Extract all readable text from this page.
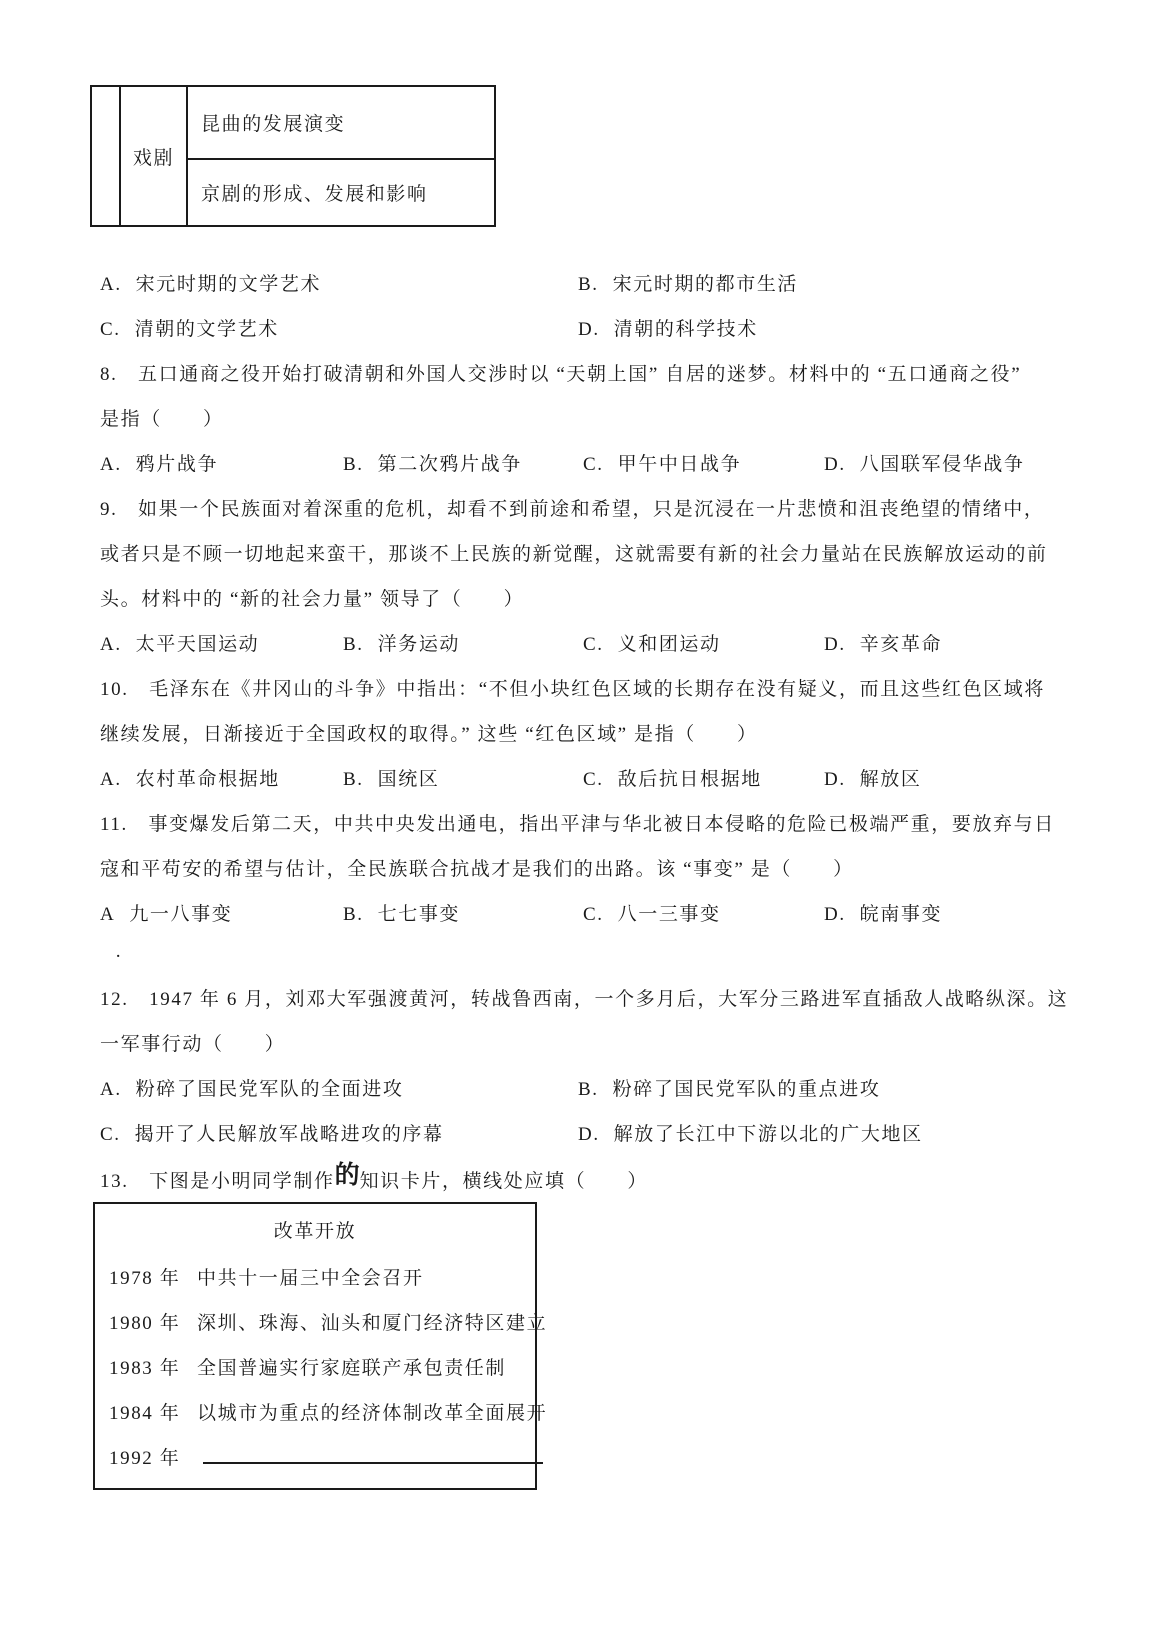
	戏剧	昆曲的发展演变
京剧的形成、发展和影响
A. 宋元时期的文学艺术	B. 宋元时期的都市生活
C. 清朝的文学艺术	D. 清朝的科学技术
8.　五口通商之役开始打破清朝和外国人交涉时以 “天朝上国” 自居的迷梦。材料中的 “五口通商之役”
是指（　　）
A. 鸦片战争	B. 第二次鸦片战争	C. 甲午中日战争	D. 八国联军侵华战争
9.　如果一个民族面对着深重的危机，却看不到前途和希望，只是沉浸在一片悲愤和沮丧绝望的情绪中，
或者只是不顾一切地起来蛮干，那谈不上民族的新觉醒，这就需要有新的社会力量站在民族解放运动的前
头。材料中的 “新的社会力量” 领导了（　　）
A. 太平天国运动	B. 洋务运动	C. 义和团运动	D. 辛亥革命
10.　毛泽东在《井冈山的斗争》中指出：“不但小块红色区域的长期存在没有疑义，而且这些红色区域将
继续发展，日渐接近于全国政权的取得。” 这些 “红色区域” 是指（　　）
A. 农村革命根据地	B. 国统区	C. 敌后抗日根据地	D. 解放区
11.　事变爆发后第二天，中共中央发出通电，指出平津与华北被日本侵略的危险已极端严重，要放弃与日
寇和平苟安的希望与估计，全民族联合抗战才是我们的出路。该 “事变” 是（　　）
A 九一八事变	B. 七七事变	C. 八一三事变	D. 皖南事变
·
12.　1947 年 6 月，刘邓大军强渡黄河，转战鲁西南，一个多月后，大军分三路进军直插敌人战略纵深。这
一军事行动（　　）
A. 粉碎了国民党军队的全面进攻	B. 粉碎了国民党军队的重点进攻
C. 揭开了人民解放军战略进攻的序幕	D. 解放了长江中下游以北的广大地区
13.　下图是小明同学制作的知识卡片，横线处应填（　　）
改革开放
1978 年 中共十一届三中全会召开
1980 年 深圳、珠海、汕头和厦门经济特区建立
1983 年 全国普遍实行家庭联产承包责任制
1984 年 以城市为重点的经济体制改革全面展开
1992 年
